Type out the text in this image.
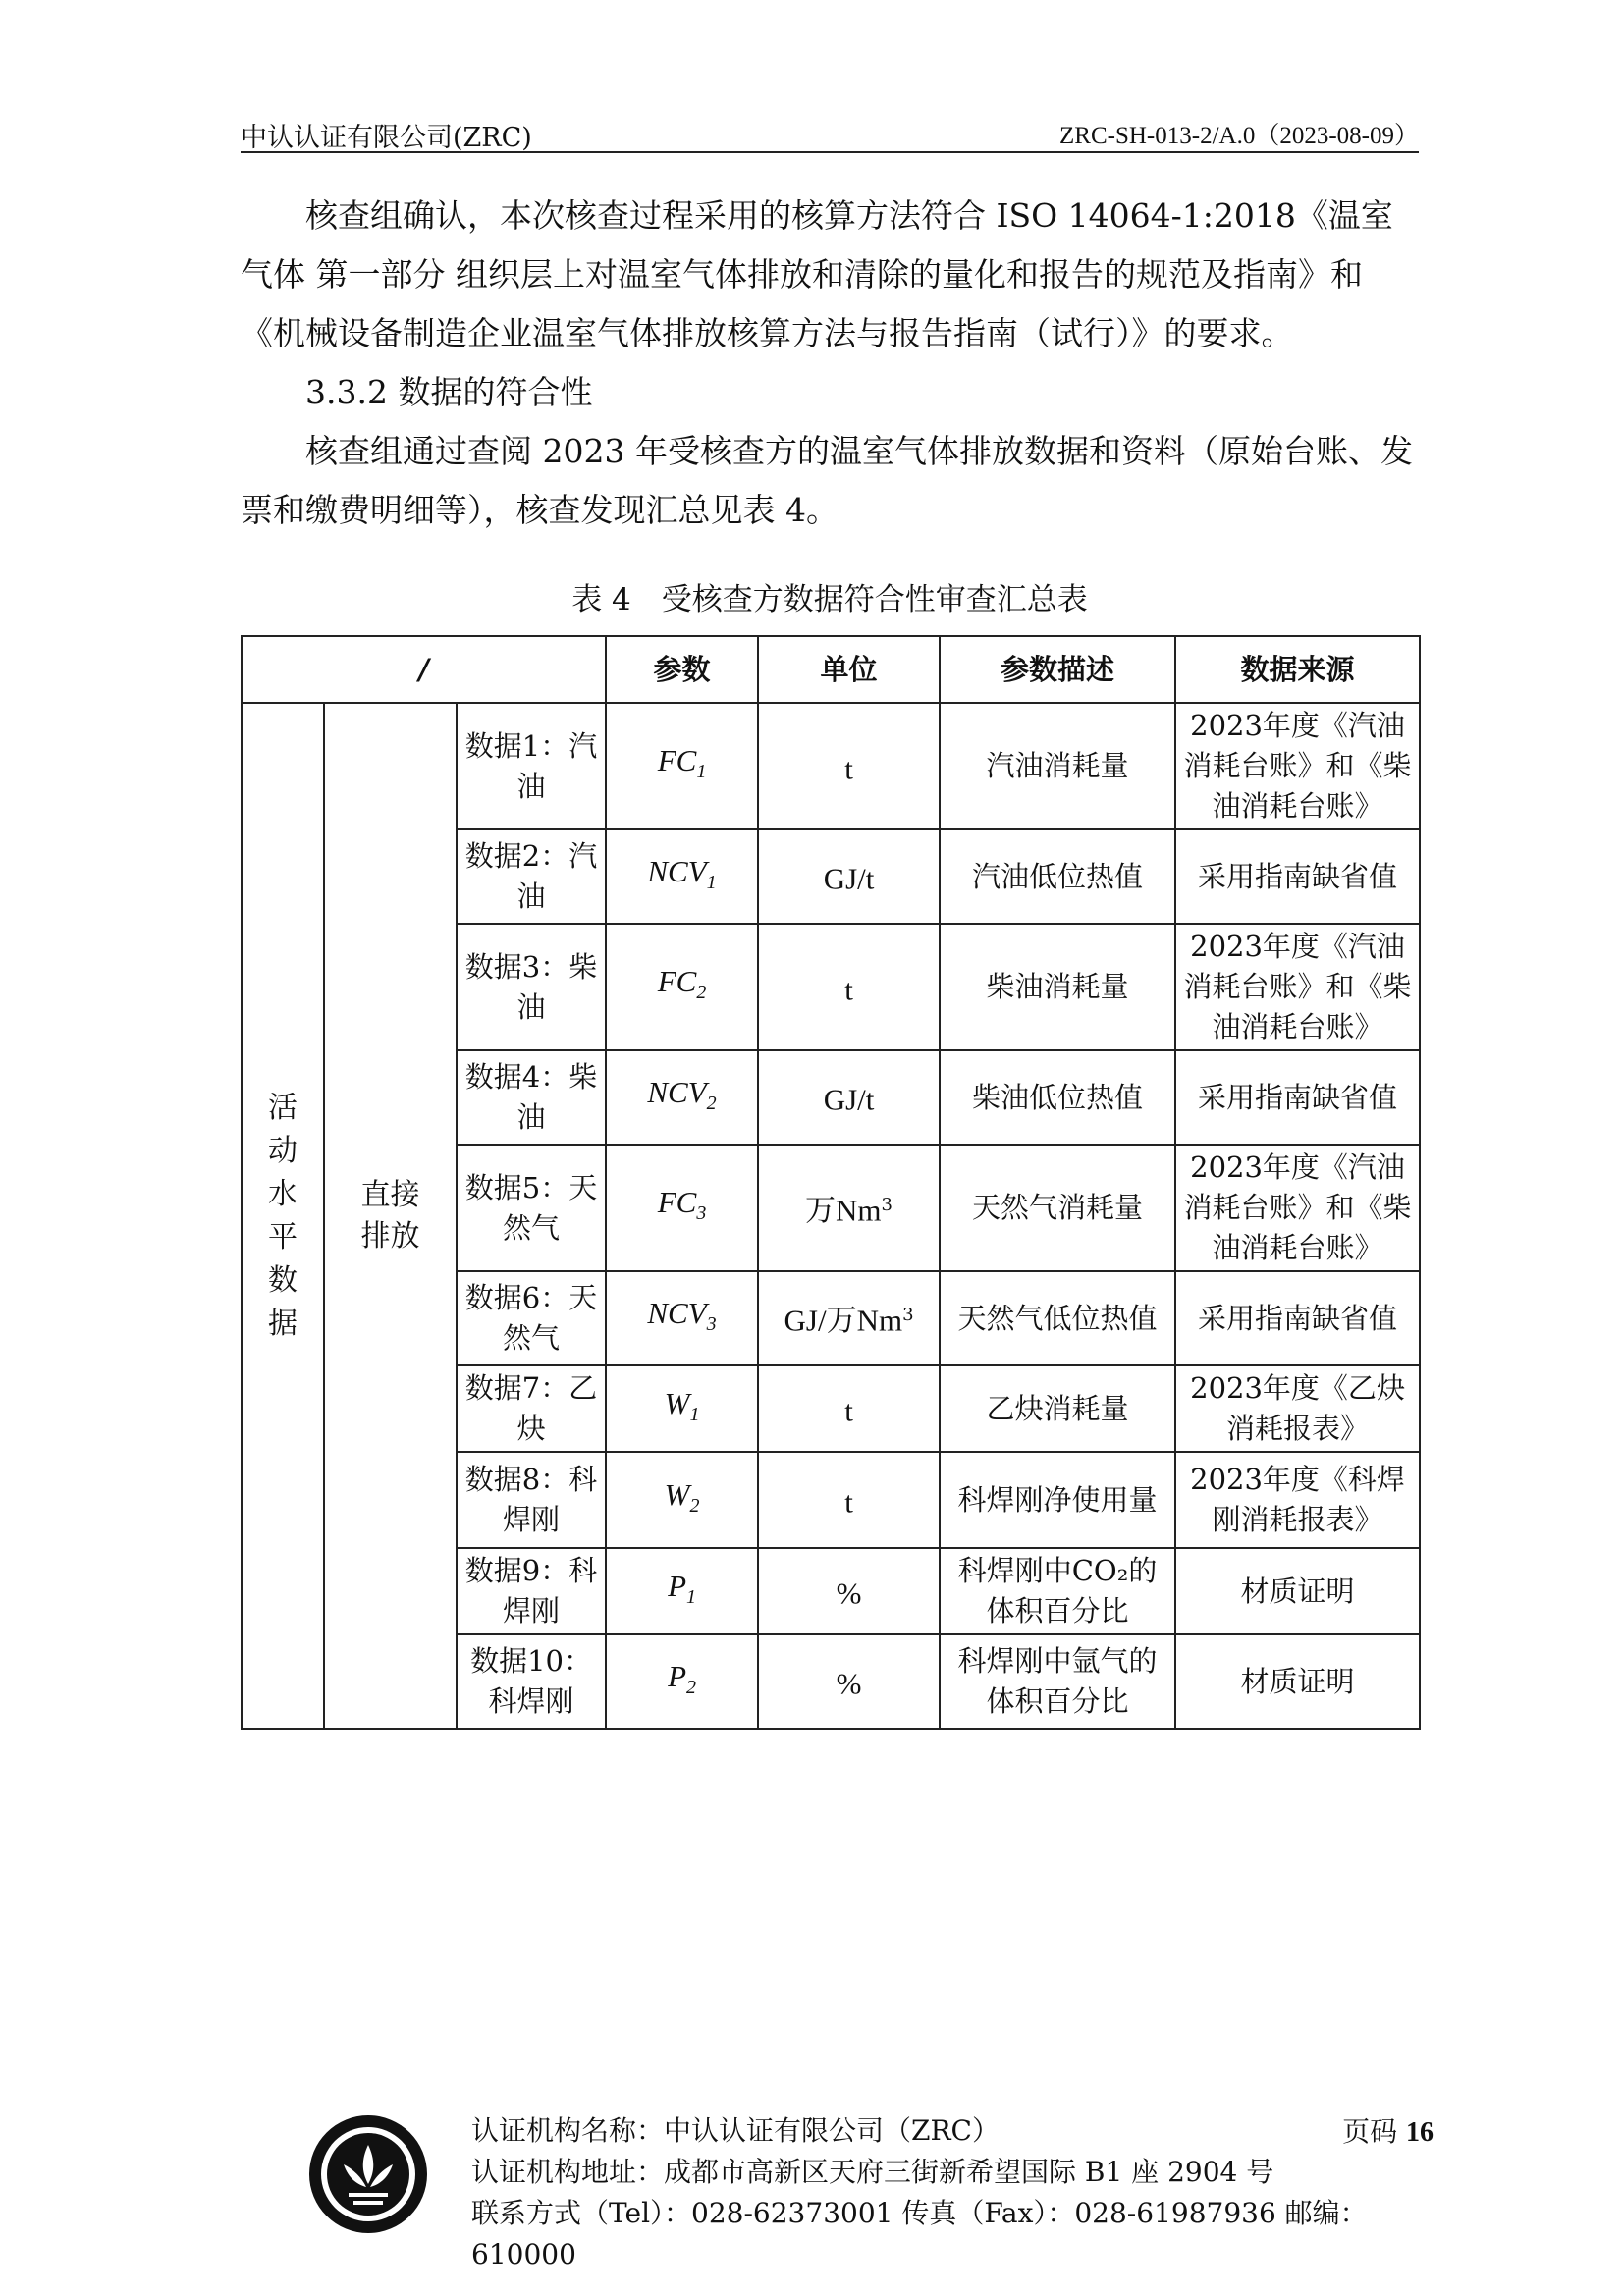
中认认证有限公司(ZRC)	ZRC-SH-013-2/A.0（2023-08-09）

核查组确认，本次核查过程采用的核算方法符合 ISO 14064-1:2018《温室气体 第一部分 组织层上对温室气体排放和清除的量化和报告的规范及指南》和《机械设备制造企业温室气体排放核算方法与报告指南（试行）》的要求。

3.3.2 数据的符合性

核查组通过查阅 2023 年受核查方的温室气体排放数据和资料（原始台账、发票和缴费明细等），核查发现汇总见表 4。

表 4　受核查方数据符合性审查汇总表
/			参数	单位	参数描述	数据来源

活动水平数据	直接排放	数据1：汽油	$FC_1$	t	汽油消耗量	2023年度《汽油消耗台账》和《柴油消耗台账》
		数据2：汽油	$NCV_1$	GJ/t	汽油低位热值	采用指南缺省值
		数据3：柴油	$FC_2$	t	柴油消耗量	2023年度《汽油消耗台账》和《柴油消耗台账》
		数据4：柴油	$NCV_2$	GJ/t	柴油低位热值	采用指南缺省值
		数据5：天然气	$FC_3$	万Nm$^3$	天然气消耗量	2023年度《汽油消耗台账》和《柴油消耗台账》
		数据6：天然气	$NCV_3$	GJ/万Nm$^3$	天然气低位热值	采用指南缺省值
		数据7：乙炔	$W_1$	t	乙炔消耗量	2023年度《乙炔消耗报表》
		数据8：科焊刚	$W_2$	t	科焊刚净使用量	2023年度《科焊刚消耗报表》
		数据9：科焊刚	$P_1$	%	科焊刚中CO₂的体积百分比	材质证明
		数据10：科焊刚	$P_2$	%	科焊刚中氩气的体积百分比	材质证明
认证机构名称：中认认证有限公司（ZRC）
认证机构地址：成都市高新区天府三街新希望国际 B1 座 2904 号
联系方式（Tel）：028-62373001 传真（Fax）：028-61987936 邮编：610000
页码 16
